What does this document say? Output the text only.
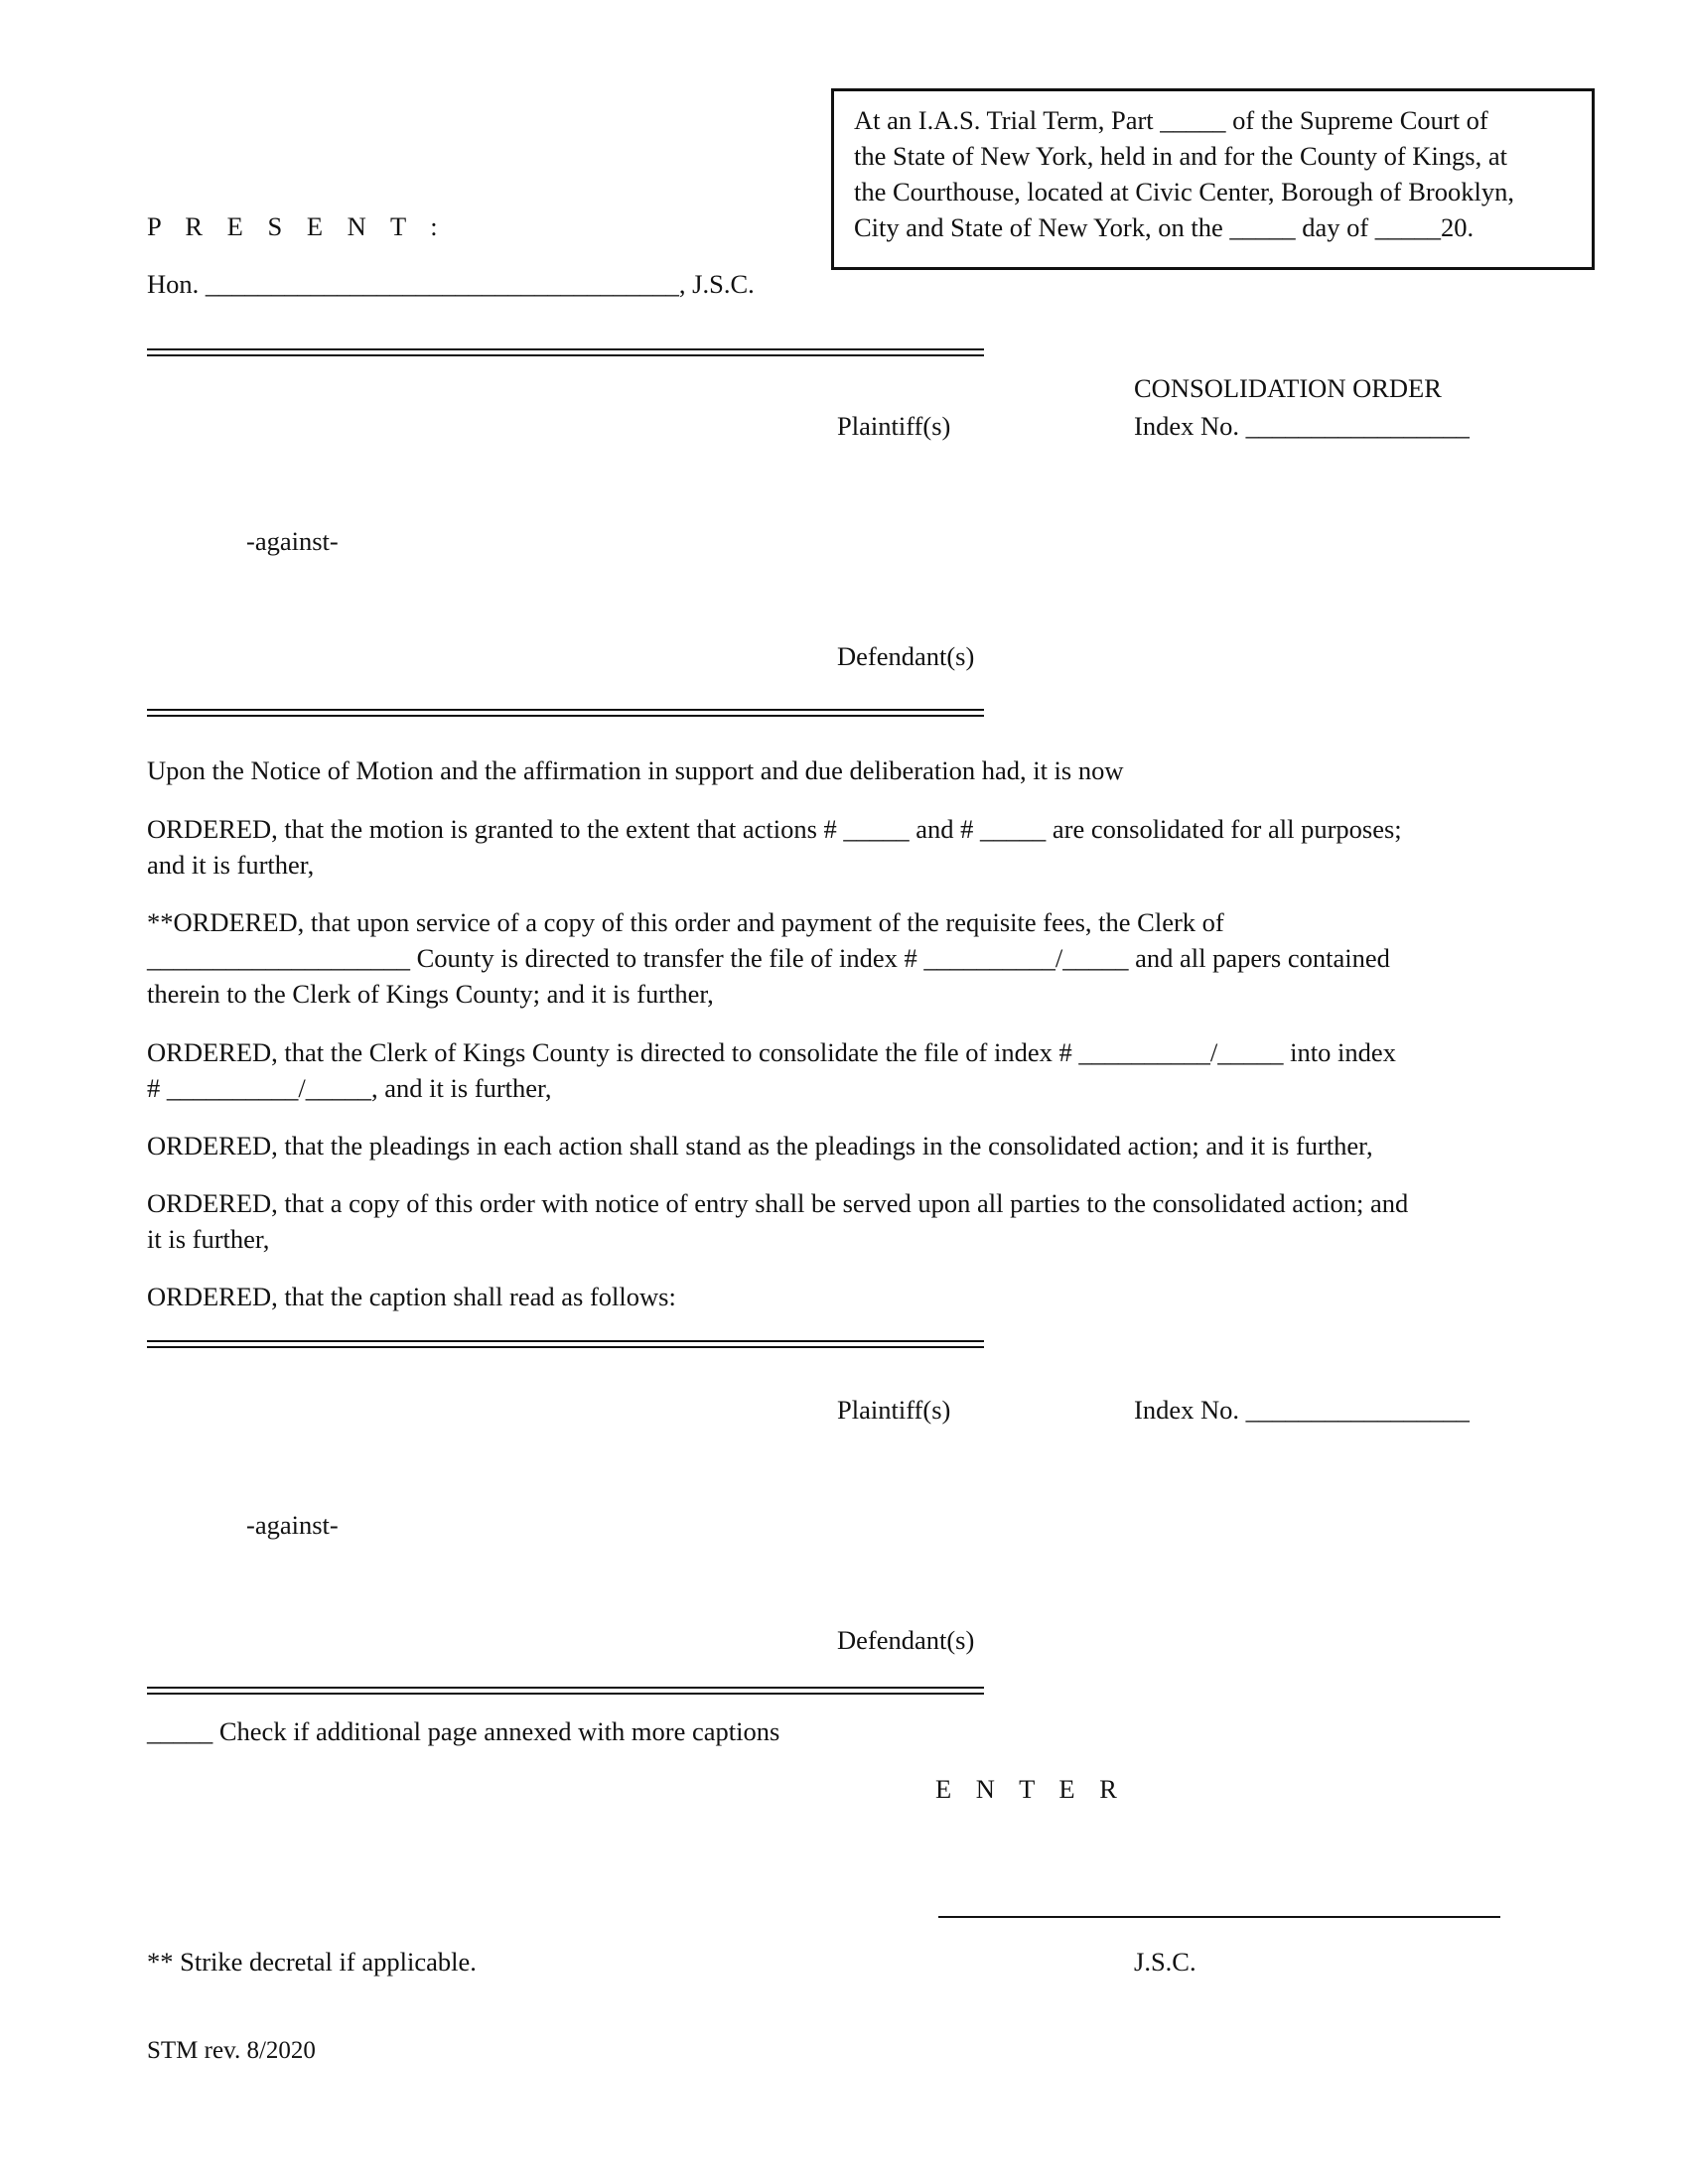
At an I.A.S. Trial Term, Part _____ of the Supreme Court of
the State of New York, held in and for the County of Kings, at
the Courthouse, located at Civic Center, Borough of Brooklyn,
City and State of New York, on the _____ day of _____20.
P R E S E N T :
Hon. ____________________________________, J.S.C.
CONSOLIDATION ORDER
Plaintiff(s)	Index No. _________________
-against-
Defendant(s)
Upon the Notice of Motion and the affirmation in support and due deliberation had, it is now
ORDERED, that the motion is granted to the extent that actions # _____ and # _____ are consolidated for all purposes;
and it is further,
**ORDERED, that upon service of a copy of this order and payment of the requisite fees, the Clerk of
____________________ County is directed to transfer the file of index # __________/_____ and all papers contained
therein to the Clerk of Kings County; and it is further,
ORDERED, that the Clerk of Kings County is directed to consolidate the file of index # __________/_____ into index
# __________/_____, and it is further,
ORDERED, that the pleadings in each action shall stand as the pleadings in the consolidated action; and it is further,
ORDERED, that a copy of this order with notice of entry shall be served upon all parties to the consolidated action; and
it is further,
ORDERED, that the caption shall read as follows:
Plaintiff(s)	Index No. _________________
-against-
Defendant(s)
_____ Check if additional page annexed with more captions
E N T E R
** Strike decretal if applicable.	J.S.C.
STM rev. 8/2020
